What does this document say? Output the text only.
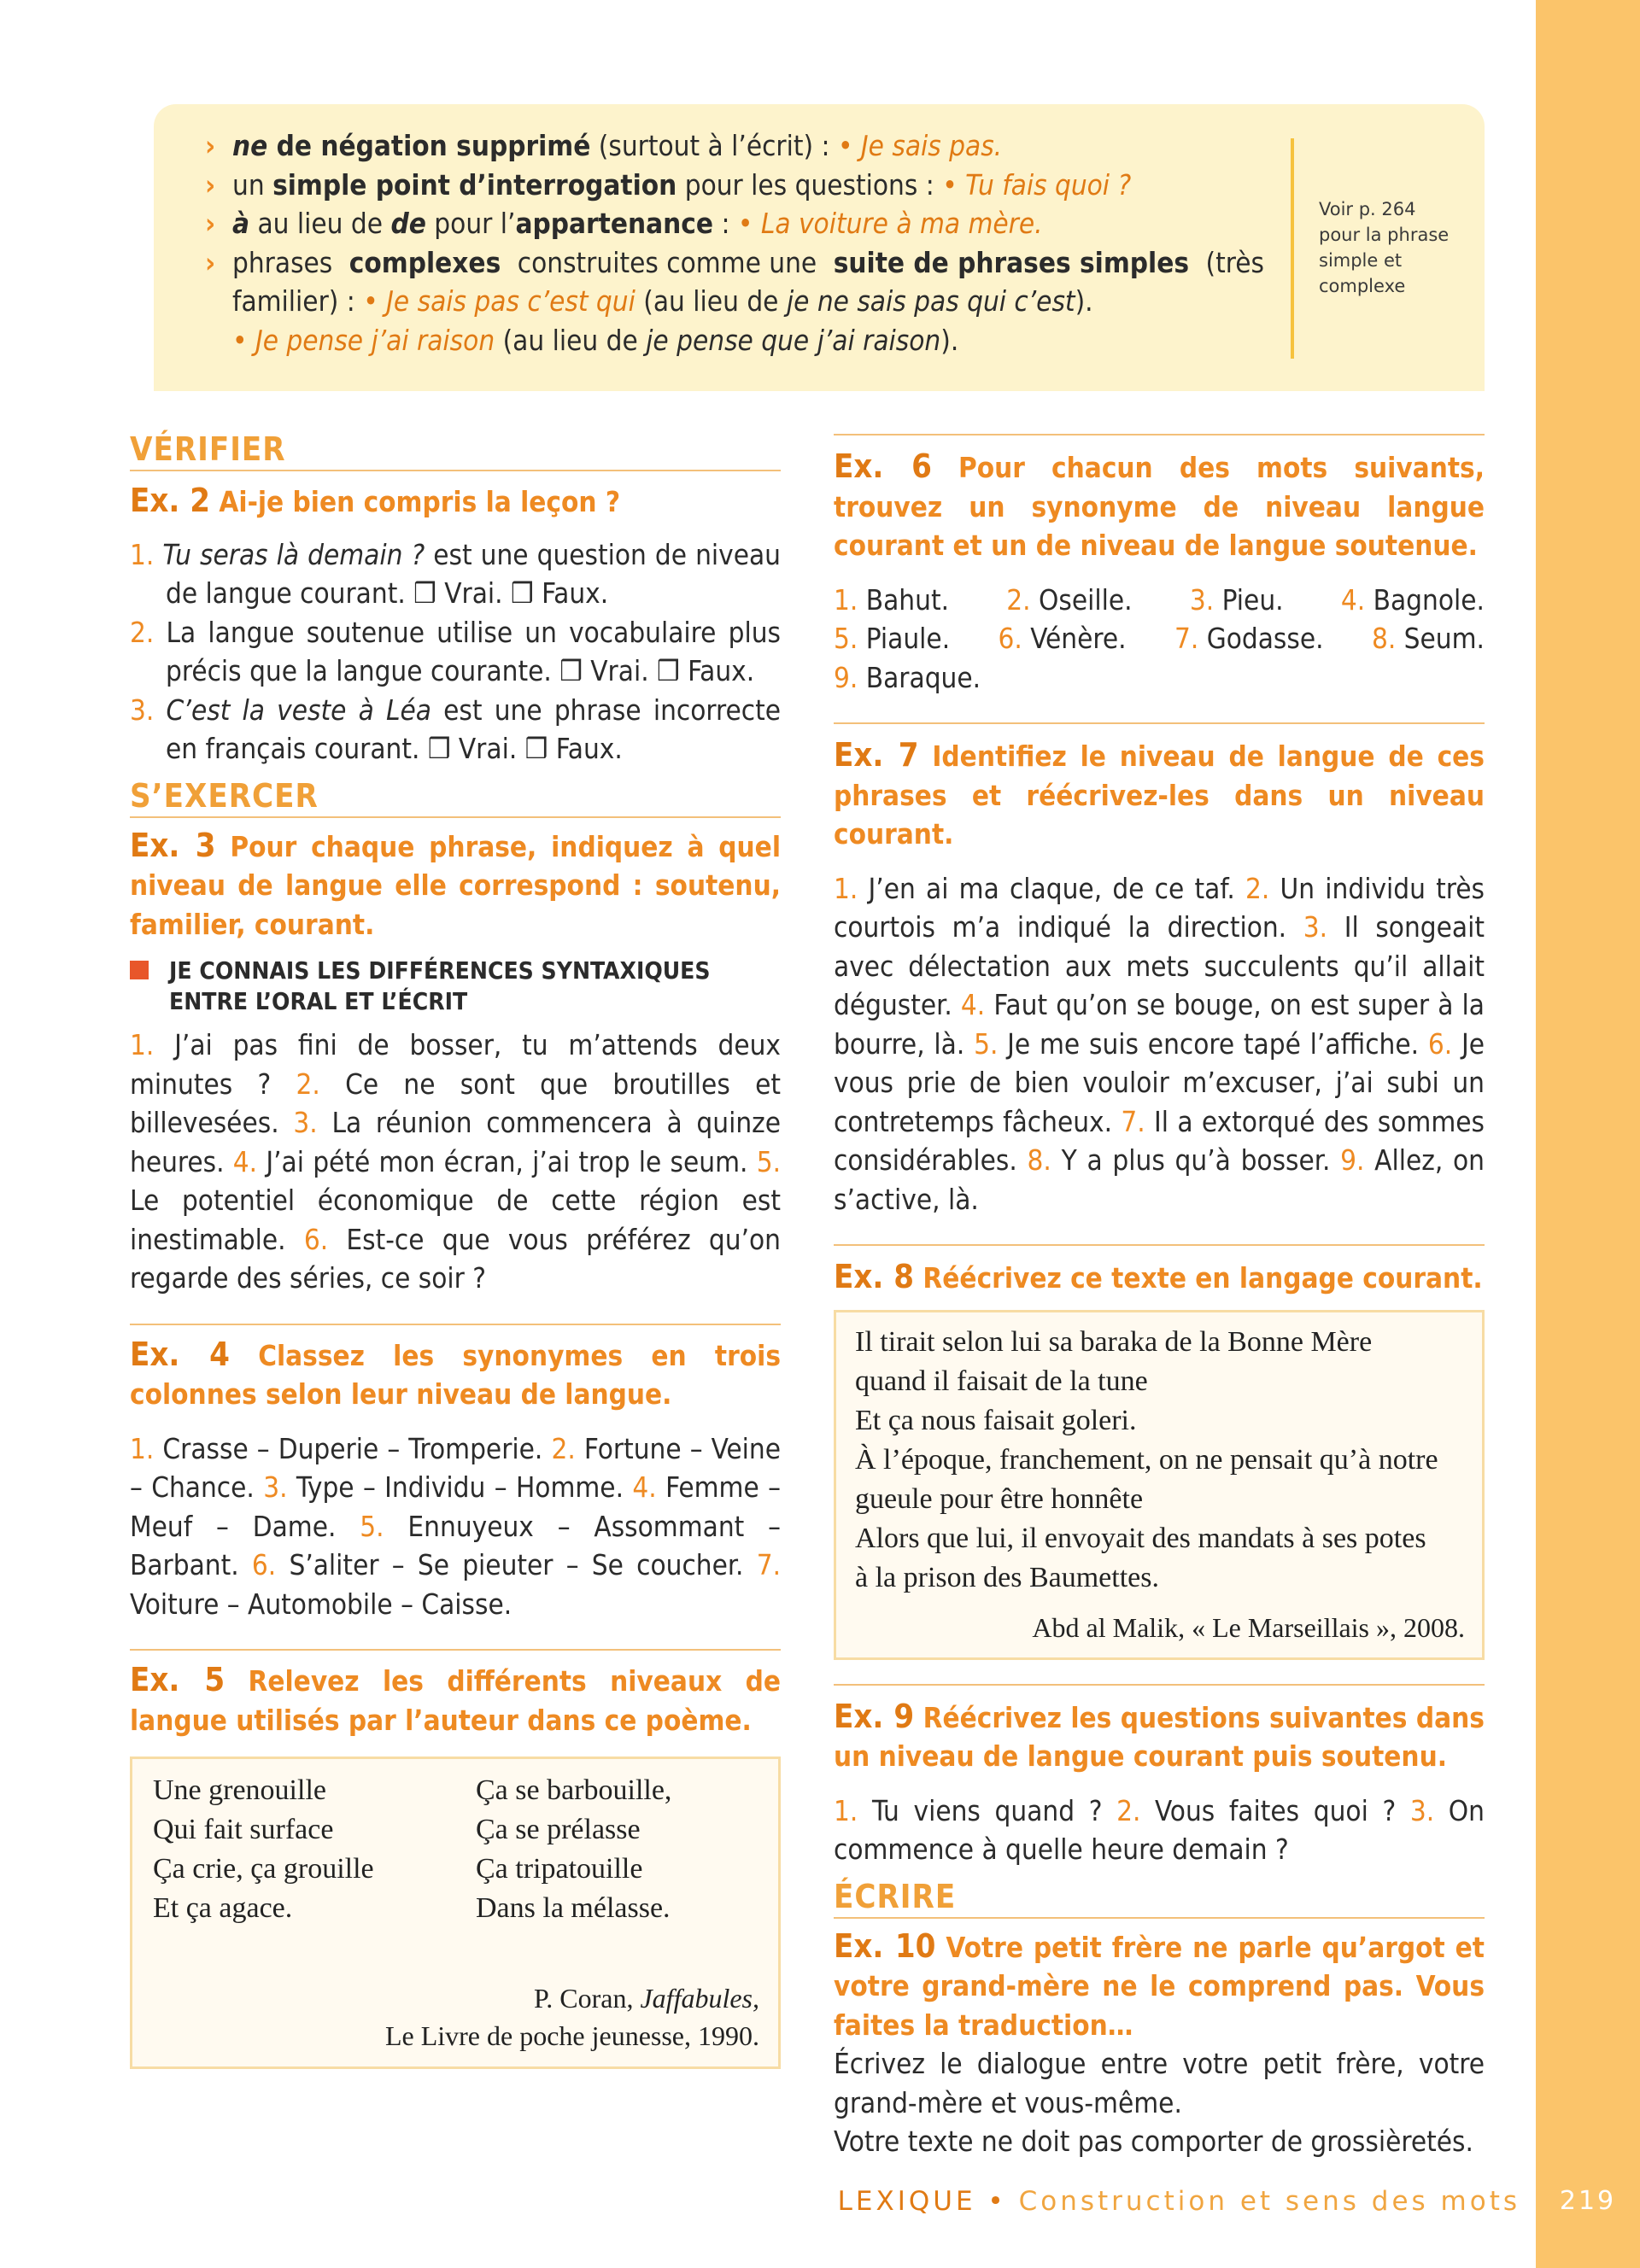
› ne de négation supprimé (surtout à l’écrit) : • Je sais pas.
› un simple point d’interrogation pour les questions : • Tu fais quoi ?
› à au lieu de de pour l’appartenance : • La voiture à ma mère.
› phrases complexes construites comme une suite de phrases simples (très
familier) : • Je sais pas c’est qui (au lieu de je ne sais pas qui c’est).
• Je pense j’ai raison (au lieu de je pense que j’ai raison).
Voir p. 264
pour la phrase
simple et
complexe
VÉRIFIER
Ex. 2 Ai-je bien compris la leçon ?
1. Tu seras là demain ? est une question de niveau de langue courant. ❒ Vrai. ❒ Faux.
2. La langue soutenue utilise un vocabulaire plus précis que la langue courante. ❒ Vrai. ❒ Faux.
3. C’est la veste à Léa est une phrase incorrecte en français courant. ❒ Vrai. ❒ Faux.
S’EXERCER
Ex. 3 Pour chaque phrase, indiquez à quel niveau de langue elle correspond : soutenu, familier, courant.
JE CONNAIS LES DIFFÉRENCES SYNTAXIQUES ENTRE L’ORAL ET L’ÉCRIT
1. J’ai pas fini de bosser, tu m’attends deux minutes ? 2. Ce ne sont que broutilles et billevesées. 3. La réunion commencera à quinze heures. 4. J’ai pété mon écran, j’ai trop le seum. 5. Le potentiel économique de cette région est inestimable. 6. Est-ce que vous préférez qu’on regarde des séries, ce soir ?
Ex. 4 Classez les synonymes en trois colonnes selon leur niveau de langue.
1. Crasse – Duperie – Tromperie. 2. Fortune – Veine – Chance. 3. Type – Individu – Homme. 4. Femme – Meuf – Dame. 5. Ennuyeux – Assommant – Barbant. 6. S’aliter – Se pieuter – Se coucher. 7. Voiture – Automobile – Caisse.
Ex. 5 Relevez les différents niveaux de langue utilisés par l’auteur dans ce poème.
Une grenouille
Qui fait surface
Ça crie, ça grouille
Et ça agace.
Ça se barbouille,
Ça se prélasse
Ça tripatouille
Dans la mélasse.
P. Coran, Jaffabules,
Le Livre de poche jeunesse, 1990.
Ex. 6 Pour chacun des mots suivants, trouvez un synonyme de niveau langue courant et un de niveau de langue soutenue.
1. Bahut. 2. Oseille. 3. Pieu. 4. Bagnole.
5. Piaule. 6. Vénère. 7. Godasse. 8. Seum.
9. Baraque.
Ex. 7 Identifiez le niveau de langue de ces phrases et réécrivez-les dans un niveau courant.
1. J’en ai ma claque, de ce taf. 2. Un individu très courtois m’a indiqué la direction. 3. Il songeait avec délectation aux mets succulents qu’il allait déguster. 4. Faut qu’on se bouge, on est super à la bourre, là. 5. Je me suis encore tapé l’affiche. 6. Je vous prie de bien vouloir m’excuser, j’ai subi un contretemps fâcheux. 7. Il a extorqué des sommes considérables. 8. Y a plus qu’à bosser. 9. Allez, on s’active, là.
Ex. 8 Réécrivez ce texte en langage courant.
Il tirait selon lui sa baraka de la Bonne Mère
quand il faisait de la tune
Et ça nous faisait goleri.
À l’époque, franchement, on ne pensait qu’à notre
gueule pour être honnête
Alors que lui, il envoyait des mandats à ses potes
à la prison des Baumettes.
Abd al Malik, « Le Marseillais », 2008.
Ex. 9 Réécrivez les questions suivantes dans un niveau de langue courant puis soutenu.
1. Tu viens quand ? 2. Vous faites quoi ? 3. On commence à quelle heure demain ?
ÉCRIRE
Ex. 10 Votre petit frère ne parle qu’argot et votre grand-mère ne le comprend pas. Vous faites la traduction…
Écrivez le dialogue entre votre petit frère, votre grand-mère et vous-même.
Votre texte ne doit pas comporter de grossièretés.
LEXIQUE • Construction et sens des mots	219
